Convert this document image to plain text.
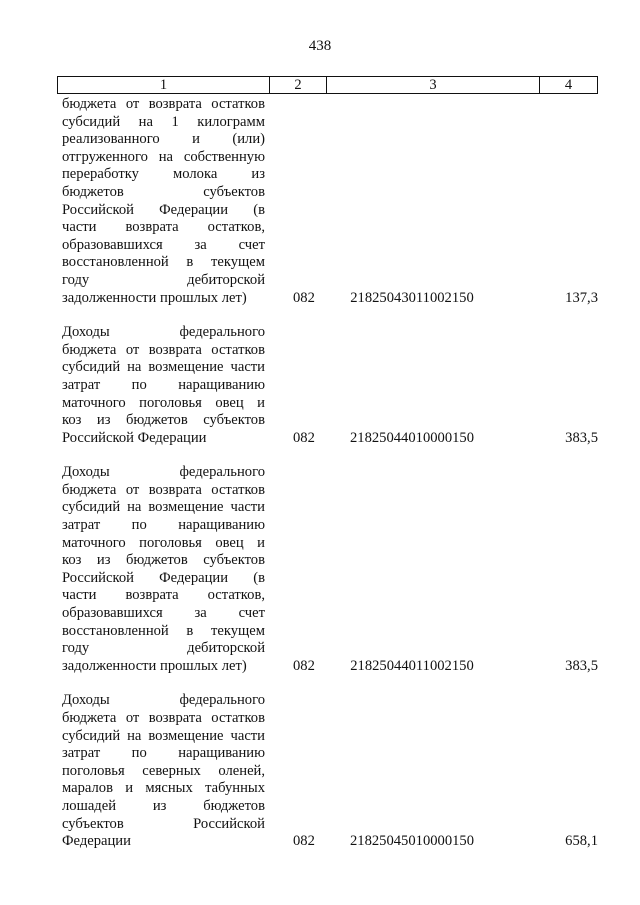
438
1	2	3	4
бюджета от возврата остатков
субсидий на 1 килограмм
реализованного и (или)
отгруженного на собственную
переработку молока из
бюджетов субъектов
Российской Федерации (в
части возврата остатков,
образовавшихся за счет
восстановленной в текущем
году дебиторской
задолженности прошлых лет)	082	21825043011002150	137,3
Доходы федерального
бюджета от возврата остатков
субсидий на возмещение части
затрат по наращиванию
маточного поголовья овец и
коз из бюджетов субъектов
Российской Федерации	082	21825044010000150	383,5
Доходы федерального
бюджета от возврата остатков
субсидий на возмещение части
затрат по наращиванию
маточного поголовья овец и
коз из бюджетов субъектов
Российской Федерации (в
части возврата остатков,
образовавшихся за счет
восстановленной в текущем
году дебиторской
задолженности прошлых лет)	082	21825044011002150	383,5
Доходы федерального
бюджета от возврата остатков
субсидий на возмещение части
затрат по наращиванию
поголовья северных оленей,
маралов и мясных табунных
лошадей из бюджетов
субъектов Российской
Федерации	082	21825045010000150	658,1
